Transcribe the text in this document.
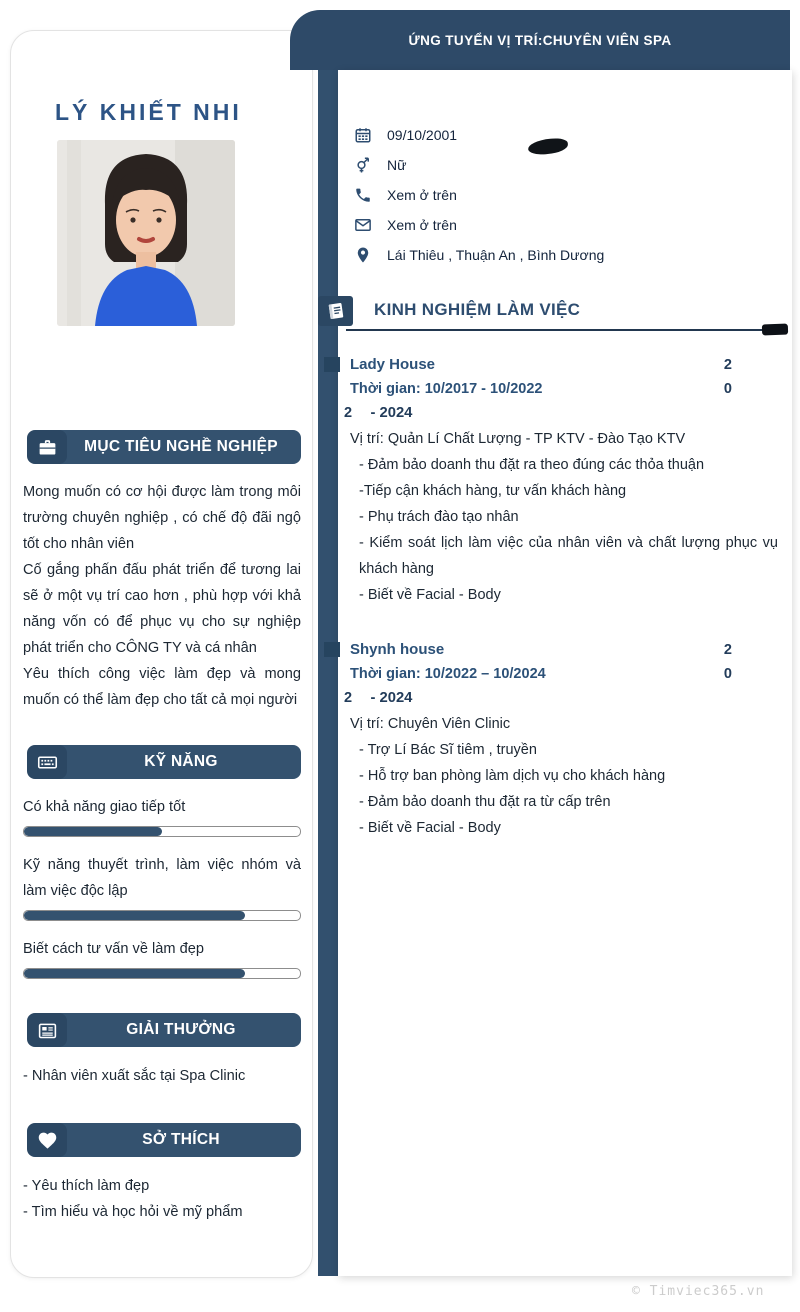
LÝ KHIẾT NHI
MỤC TIÊU NGHỀ NGHIỆP

Mong muốn có cơ hội được làm trong môi trường chuyên nghiệp , có chế độ đãi ngộ tốt cho nhân viên

Cố gắng phấn đấu phát triển để tương lai sẽ ở một vụ trí cao hơn , phù hợp với khả năng vốn có để phục vụ cho sự nghiệp phát triển cho CÔNG TY và cá nhân

Yêu thích công việc làm đẹp và mong muốn có thể làm đẹp cho tất cả mọi người

KỸ NĂNG
Có khả năng giao tiếp tốt
Kỹ năng thuyết trình, làm việc nhóm và làm việc độc lập
Biết cách tư vấn về làm đẹp
GIẢI THƯỞNG

- Nhân viên xuất sắc tại Spa Clinic

SỞ THÍCH

- Yêu thích làm đẹp

- Tìm hiểu và học hỏi về mỹ phẩm

ỨNG TUYỂN VỊ TRÍ:CHUYÊN VIÊN SPA
09/10/2001
Nữ
Xem ở trên
Xem ở trên
Lái Thiêu , Thuận An , Bình Dương
KINH NGHIỆM LÀM VIỆC
Lady House	2
Thời gian: 10/2017 - 10/2022	0
2 - 2024
Vị trí: Quản Lí Chất Lượng - TP KTV - Đào Tạo KTV

- Đảm bảo doanh thu đặt ra theo đúng các thỏa thuận

-Tiếp cận khách hàng, tư vấn khách hàng

- Phụ trách đào tạo nhân

- Kiểm soát lịch làm việc của nhân viên và chất lượng phục vụ khách hàng

- Biết về Facial - Body

Shynh house	2
Thời gian: 10/2022 – 10/2024	0
2 - 2024
Vị trí: Chuyên Viên Clinic

- Trợ Lí Bác Sĩ tiêm , truyền

- Hỗ trợ ban phòng làm dịch vụ cho khách hàng

- Đảm bảo doanh thu đặt ra từ cấp trên

- Biết về Facial - Body

© Timviec365.vn
